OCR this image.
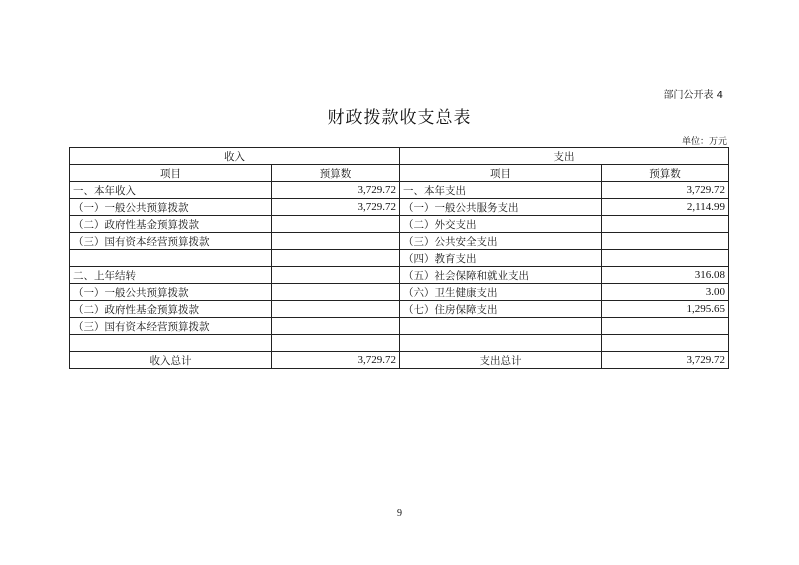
部门公开表 4
财政拨款收支总表
单位：万元
收入		支出	
项目	预算数	项目	预算数
一、本年收入	3,729.72	一、本年支出	3,729.72
（一）一般公共预算拨款	3,729.72	（一）一般公共服务支出	2,114.99
（二）政府性基金预算拨款		（二）外交支出	
（三）国有资本经营预算拨款		（三）公共安全支出	
		（四）教育支出	
二、上年结转		（五）社会保障和就业支出	316.08
（一）一般公共预算拨款		（六）卫生健康支出	3.00
（二）政府性基金预算拨款		（七）住房保障支出	1,295.65
（三）国有资本经营预算拨款			

收入总计	3,729.72	支出总计	3,729.72
9
